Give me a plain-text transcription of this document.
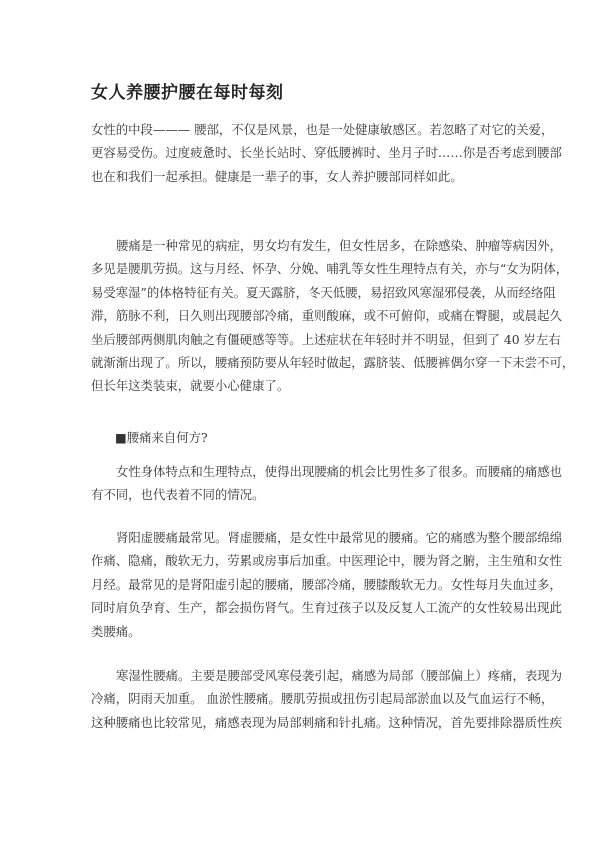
女人养腰护腰在每时每刻

女性的中段——— 腰部，不仅是风景，也是一处健康敏感区。若忽略了对它的关爱，
更容易受伤。过度疲惫时、长坐长站时、穿低腰裤时、坐月子时……你是否考虑到腰部
也在和我们一起承担。健康是一辈子的事，女人养护腰部同样如此。

腰痛是一种常见的病症，男女均有发生，但女性居多，在除感染、肿瘤等病因外，
多见是腰肌劳损。这与月经、怀孕、分娩、哺乳等女性生理特点有关，亦与“女为阴体，
易受寒湿”的体格特征有关。夏天露脐，冬天低腰，易招致风寒湿邪侵袭，从而经络阻
滞，筋脉不利，日久则出现腰部冷痛，重则酸麻，或不可俯仰，或痛在臀腿，或晨起久
坐后腰部两侧肌肉触之有僵硬感等等。上述症状在年轻时并不明显，但到了 40 岁左右
就渐渐出现了。所以，腰痛预防要从年轻时做起，露脐装、低腰裤偶尔穿一下未尝不可，
但长年这类装束，就要小心健康了。

■腰痛来自何方?

女性身体特点和生理特点，使得出现腰痛的机会比男性多了很多。而腰痛的痛感也
有不同，也代表着不同的情况。

肾阳虚腰痛最常见。肾虚腰痛，是女性中最常见的腰痛。它的痛感为整个腰部绵绵
作痛、隐痛，酸软无力，劳累或房事后加重。中医理论中，腰为肾之腑，主生殖和女性
月经。最常见的是肾阳虚引起的腰痛，腰部冷痛，腰膝酸软无力。女性每月失血过多，
同时肩负孕育、生产，都会损伤肾气。生育过孩子以及反复人工流产的女性较易出现此
类腰痛。

寒湿性腰痛。主要是腰部受风寒侵袭引起，痛感为局部（腰部偏上）疼痛，表现为
冷痛，阴雨天加重。 血淤性腰痛。腰肌劳损或扭伤引起局部淤血以及气血运行不畅，
这种腰痛也比较常见，痛感表现为局部刺痛和针扎痛。这种情况，首先要排除器质性疾
